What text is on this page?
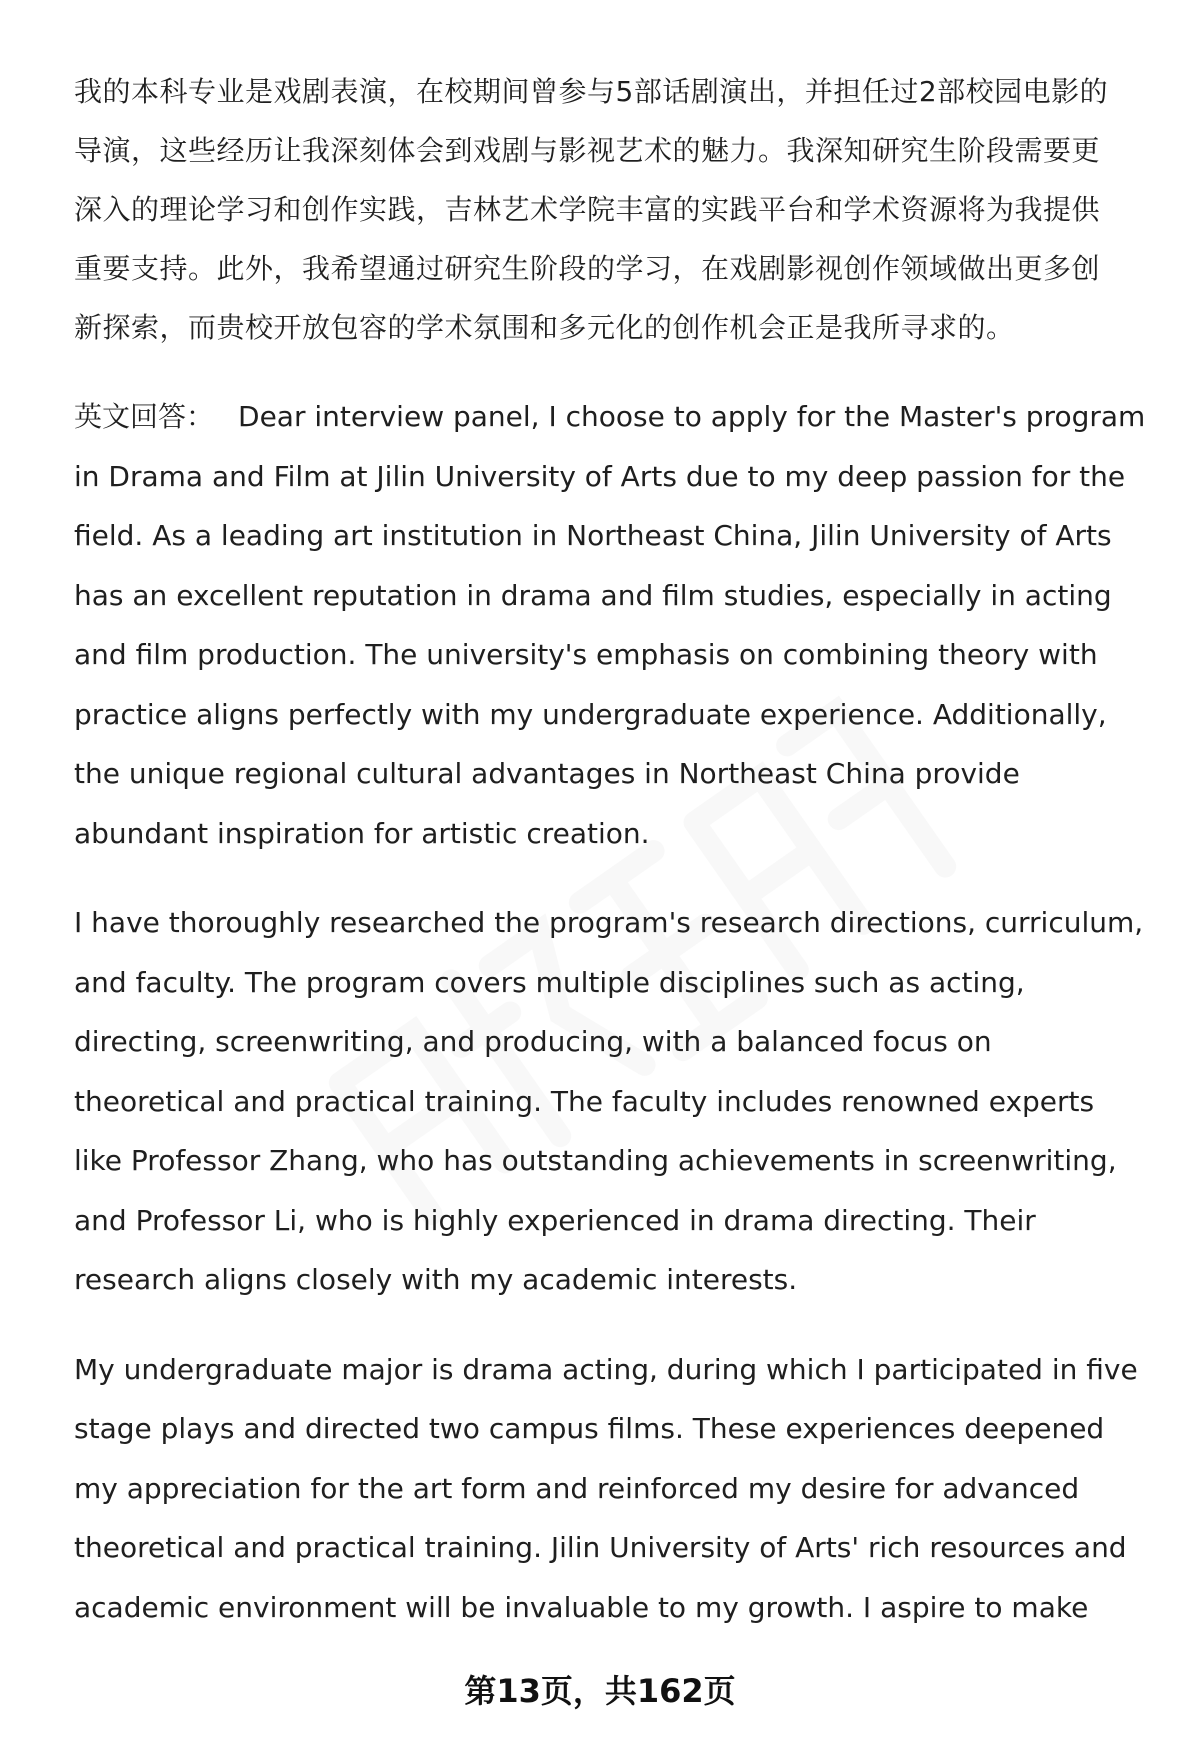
我的本科专业是戏剧表演，在校期间曾参与5部话剧演出，并担任过2部校园电影的
导演，这些经历让我深刻体会到戏剧与影视艺术的魅力。我深知研究生阶段需要更
深入的理论学习和创作实践，吉林艺术学院丰富的实践平台和学术资源将为我提供
重要支持。此外，我希望通过研究生阶段的学习，在戏剧影视创作领域做出更多创
新探索，而贵校开放包容的学术氛围和多元化的创作机会正是我所寻求的。

英文回答： Dear interview panel, I choose to apply for the Master's program
in Drama and Film at Jilin University of Arts due to my deep passion for the
field. As a leading art institution in Northeast China, Jilin University of Arts
has an excellent reputation in drama and film studies, especially in acting
and film production. The university's emphasis on combining theory with
practice aligns perfectly with my undergraduate experience. Additionally,
the unique regional cultural advantages in Northeast China provide
abundant inspiration for artistic creation.

I have thoroughly researched the program's research directions, curriculum,
and faculty. The program covers multiple disciplines such as acting,
directing, screenwriting, and producing, with a balanced focus on
theoretical and practical training. The faculty includes renowned experts
like Professor Zhang, who has outstanding achievements in screenwriting,
and Professor Li, who is highly experienced in drama directing. Their
research aligns closely with my academic interests.

My undergraduate major is drama acting, during which I participated in five
stage plays and directed two campus films. These experiences deepened
my appreciation for the art form and reinforced my desire for advanced
theoretical and practical training. Jilin University of Arts' rich resources and
academic environment will be invaluable to my growth. I aspire to make

第13页，共162页
